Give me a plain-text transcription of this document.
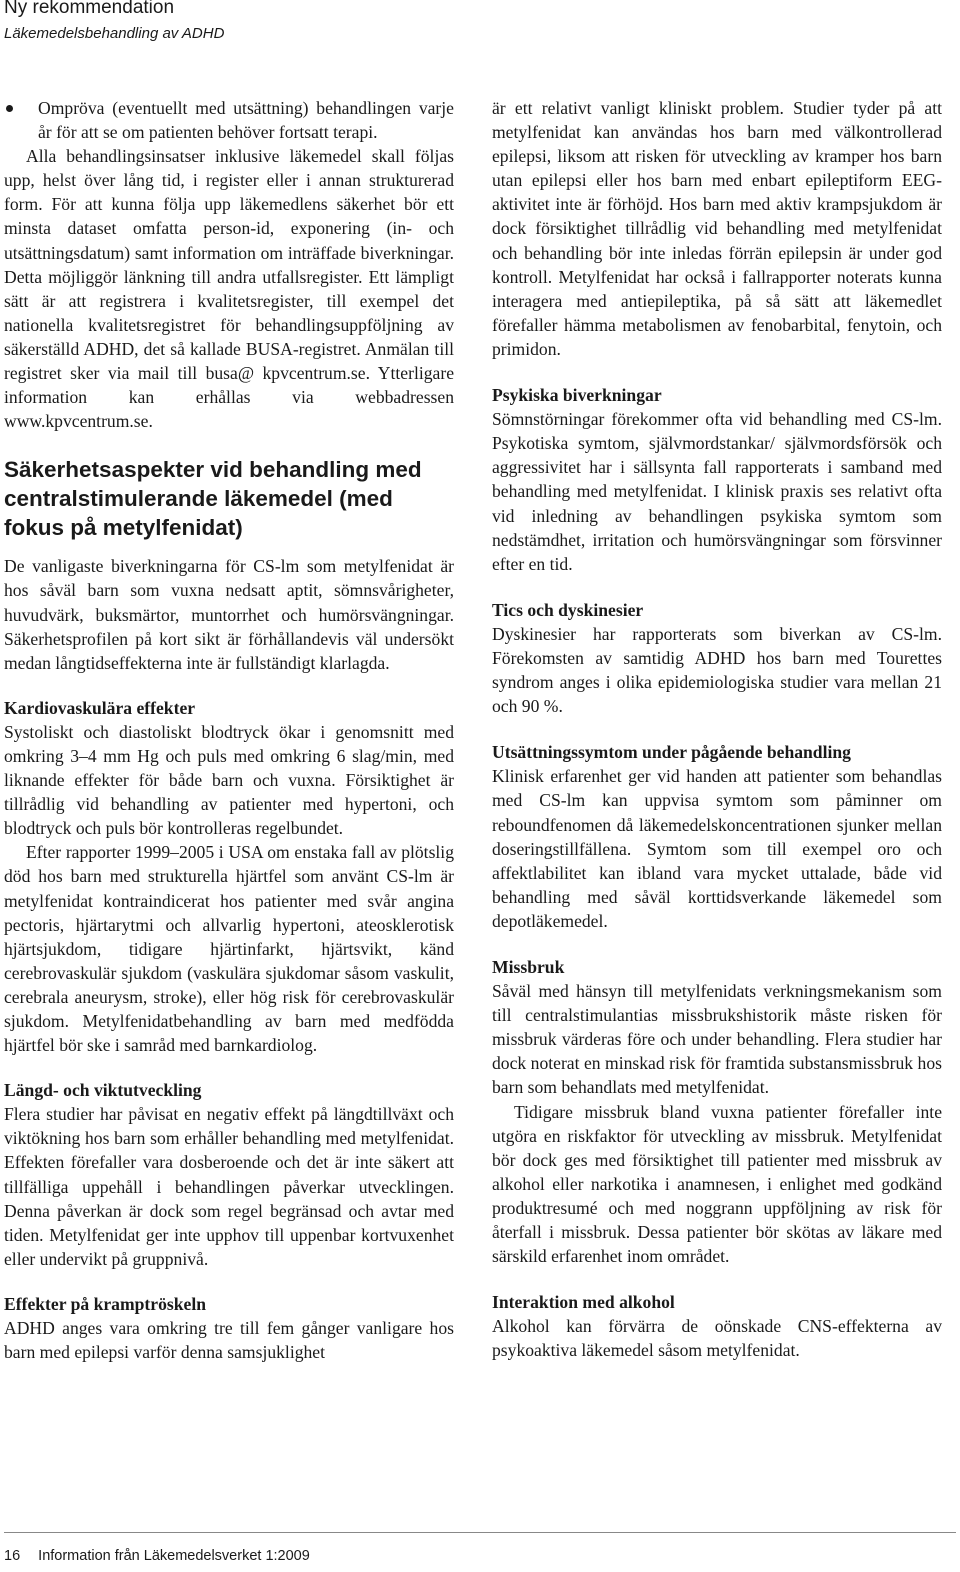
Ny rekommendation
Läkemedelsbehandling av ADHD

Ompröva (eventuellt med utsättning) behandlingen varje år för att se om patienten behöver fortsatt terapi.

Alla behandlingsinsatser inklusive läkemedel skall följas upp, helst över lång tid, i register eller i annan strukturerad form. För att kunna följa upp läkemedlens säkerhet bör ett minsta dataset omfatta person-id, exponering (in- och utsättningsdatum) samt information om inträffade biverkningar. Detta möjliggör länkning till andra utfallsregister. Ett lämpligt sätt är att registrera i kvalitetsregister, till exempel det nationella kvalitetsregistret för behandlingsuppföljning av säkerställd ADHD, det så kallade BUSA-registret. Anmälan till registret sker via mail till busa@ kpvcentrum.se. Ytterligare information kan erhållas via webbadressen www.kpvcentrum.se.

Säkerhetsaspekter vid behandling med centralstimulerande läkemedel (med fokus på metylfenidat)

De vanligaste biverkningarna för CS-lm som metylfenidat är hos såväl barn som vuxna nedsatt aptit, sömnsvårigheter, huvudvärk, buksmärtor, muntorrhet och humörsvängningar. Säkerhetsprofilen på kort sikt är förhållandevis väl undersökt medan långtidseffekterna inte är fullständigt klarlagda.

Kardiovaskulära effekter

Systoliskt och diastoliskt blodtryck ökar i genomsnitt med omkring 3–4 mm Hg och puls med omkring 6 slag/min, med liknande effekter för både barn och vuxna. Försiktighet är tillrådlig vid behandling av patienter med hypertoni, och blodtryck och puls bör kontrolleras regelbundet.

Efter rapporter 1999–2005 i USA om enstaka fall av plötslig död hos barn med strukturella hjärtfel som använt CS-lm är metylfenidat kontraindicerat hos patienter med svår angina pectoris, hjärtarytmi och allvarlig hypertoni, ateosklerotisk hjärtsjukdom, tidigare hjärtinfarkt, hjärtsvikt, känd cerebrovaskulär sjukdom (vaskulära sjukdomar såsom vaskulit, cerebrala aneurysm, stroke), eller hög risk för cerebrovaskulär sjukdom. Metylfenidatbehandling av barn med medfödda hjärtfel bör ske i samråd med barnkardiolog.

Längd- och viktutveckling

Flera studier har påvisat en negativ effekt på längdtillväxt och viktökning hos barn som erhåller behandling med metylfenidat. Effekten förefaller vara dosberoende och det är inte säkert att tillfälliga uppehåll i behandlingen påverkar utvecklingen. Denna påverkan är dock som regel begränsad och avtar med tiden. Metylfenidat ger inte upphov till uppenbar kortvuxenhet eller undervikt på gruppnivå.

Effekter på kramptröskeln

ADHD anges vara omkring tre till fem gånger vanligare hos barn med epilepsi varför denna samsjuklighet

är ett relativt vanligt kliniskt problem. Studier tyder på att metylfenidat kan användas hos barn med välkontrollerad epilepsi, liksom att risken för utveckling av kramper hos barn utan epilepsi eller hos barn med enbart epileptiform EEG-aktivitet inte är förhöjd. Hos barn med aktiv krampsjukdom är dock försiktighet tillrådlig vid behandling med metylfenidat och behandling bör inte inledas förrän epilepsin är under god kontroll. Metylfenidat har också i fallrapporter noterats kunna interagera med antiepileptika, på så sätt att läkemedlet förefaller hämma metabolismen av fenobarbital, fenytoin, och primidon.

Psykiska biverkningar

Sömnstörningar förekommer ofta vid behandling med CS-lm. Psykotiska symtom, självmordstankar/ självmordsförsök och aggressivitet har i sällsynta fall rapporterats i samband med behandling med metylfenidat. I klinisk praxis ses relativt ofta vid inledning av behandlingen psykiska symtom som nedstämdhet, irritation och humörsvängningar som försvinner efter en tid.

Tics och dyskinesier

Dyskinesier har rapporterats som biverkan av CS-lm. Förekomsten av samtidig ADHD hos barn med Tourettes syndrom anges i olika epidemiologiska studier vara mellan 21 och 90 %.

Utsättningssymtom under pågående behandling

Klinisk erfarenhet ger vid handen att patienter som behandlas med CS-lm kan uppvisa symtom som påminner om reboundfenomen då läkemedelskoncentrationen sjunker mellan doseringstillfällena. Symtom som till exempel oro och affektlabilitet kan ibland vara mycket uttalade, både vid behandling med såväl korttidsverkande läkemedel som depotläkemedel.

Missbruk

Såväl med hänsyn till metylfenidats verkningsmekanism som till centralstimulantias missbrukshistorik måste risken för missbruk värderas före och under behandling. Flera studier har dock noterat en minskad risk för framtida substansmissbruk hos barn som behandlats med metylfenidat.

Tidigare missbruk bland vuxna patienter förefaller inte utgöra en riskfaktor för utveckling av missbruk. Metylfenidat bör dock ges med försiktighet till patienter med missbruk av alkohol eller narkotika i anamnesen, i enlighet med godkänd produktresumé och med noggrann uppföljning av risk för återfall i missbruk. Dessa patienter bör skötas av läkare med särskild erfarenhet inom området.

Interaktion med alkohol

Alkohol kan förvärra de oönskade CNS-effekterna av psykoaktiva läkemedel såsom metylfenidat.

16 Information från Läkemedelsverket 1:2009
